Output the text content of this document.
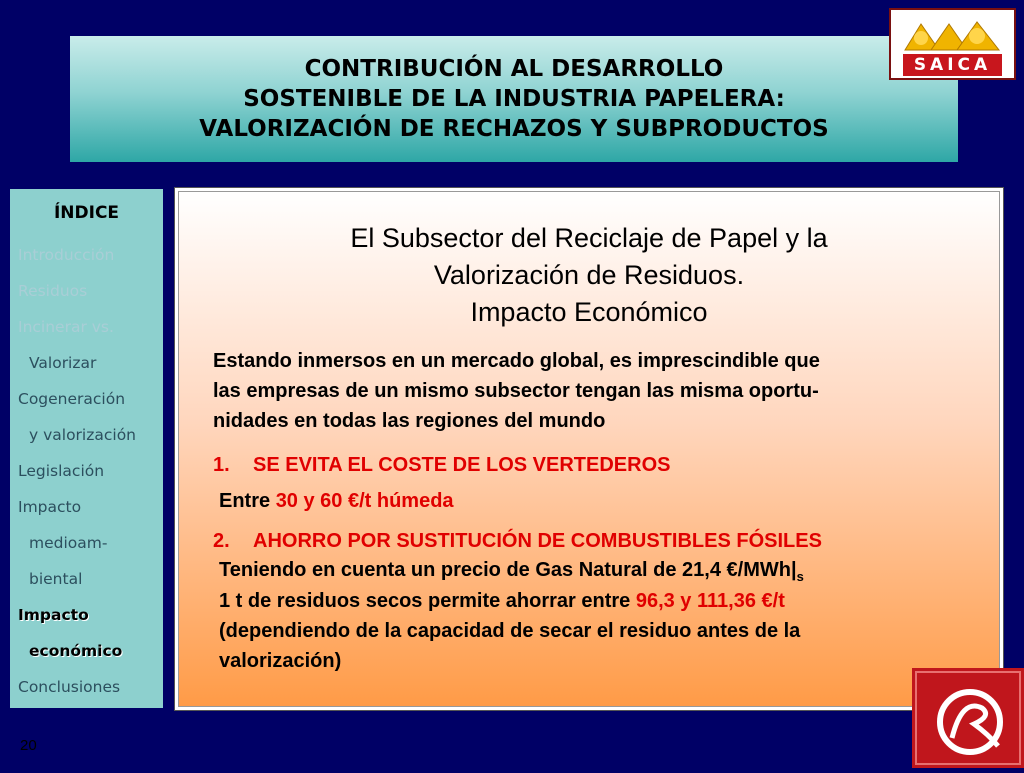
CONTRIBUCIÓN AL DESARROLLO
SOSTENIBLE DE LA INDUSTRIA PAPELERA:
VALORIZACIÓN DE RECHAZOS Y SUBPRODUCTOS
SAICA
ÍNDICE
Introducción
Residuos
Incinerar vs.
Valorizar
Cogeneración
y valorización
Legislación
Impacto
medioam-
biental
Impacto
económico
Conclusiones
El Subsector del Reciclaje de Papel y la
Valorización de Residuos.
Impacto Económico
Estando inmersos en un mercado global, es imprescindible que
las empresas de un mismo subsector tengan las misma oportu-
nidades en todas las regiones del mundo
1. SE EVITA EL COSTE DE LOS VERTEDEROS
Entre 30 y 60 €/t húmeda
2. AHORRO POR SUSTITUCIÓN DE COMBUSTIBLES FÓSILES
Teniendo en cuenta un precio de Gas Natural de 21,4 $€/MWh|_s$
1 t de residuos secos permite ahorrar entre 96,3 y 111,36 €/t
(dependiendo de la capacidad de secar el residuo antes de la
valorización)
20
